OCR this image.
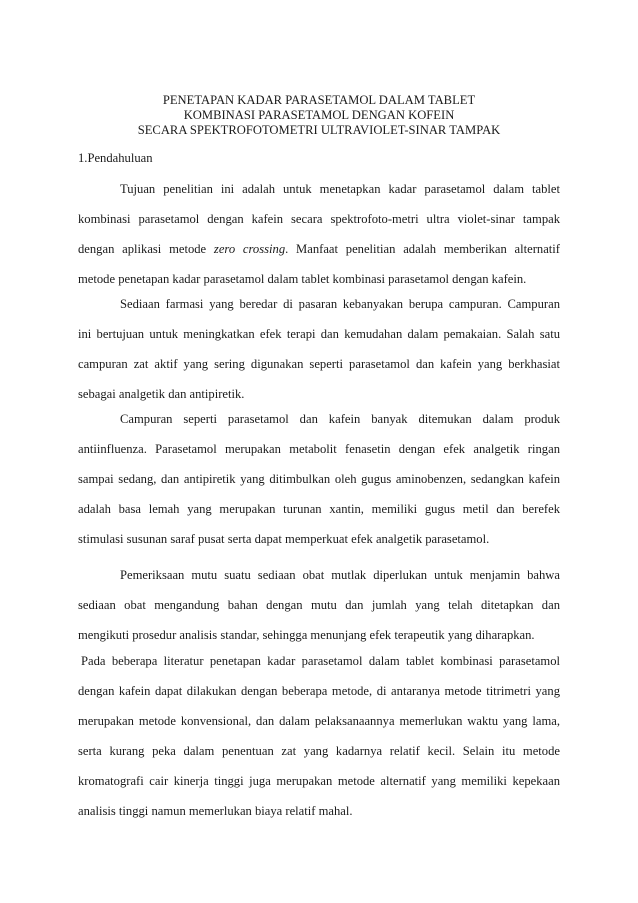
PENETAPAN KADAR PARASETAMOL DALAM TABLET
KOMBINASI PARASETAMOL DENGAN KOFEIN
SECARA SPEKTROFOTOMETRI ULTRAVIOLET-SINAR TAMPAK
1.Pendahuluan
Tujuan penelitian ini adalah untuk menetapkan kadar parasetamol dalam tablet
kombinasi parasetamol dengan kafein secara spektrofoto-metri ultra violet-sinar tampak
dengan aplikasi metode zero crossing. Manfaat penelitian adalah memberikan alternatif
metode penetapan kadar parasetamol dalam tablet kombinasi parasetamol dengan kafein.
Sediaan farmasi yang beredar di pasaran kebanyakan berupa campuran. Campuran
ini bertujuan untuk meningkatkan efek terapi dan kemudahan dalam pemakaian. Salah satu
campuran zat aktif yang sering digunakan seperti parasetamol dan kafein yang berkhasiat
sebagai analgetik dan antipiretik.
Campuran seperti parasetamol dan kafein banyak ditemukan dalam produk
antiinfluenza. Parasetamol merupakan metabolit fenasetin dengan efek analgetik ringan
sampai sedang, dan antipiretik yang ditimbulkan oleh gugus aminobenzen, sedangkan kafein
adalah basa lemah yang merupakan turunan xantin, memiliki gugus metil dan berefek
stimulasi susunan saraf pusat serta dapat memperkuat efek analgetik parasetamol.
Pemeriksaan mutu suatu sediaan obat mutlak diperlukan untuk menjamin bahwa
sediaan obat mengandung bahan dengan mutu dan jumlah yang telah ditetapkan dan
mengikuti prosedur analisis standar, sehingga menunjang efek terapeutik yang diharapkan.
Pada beberapa literatur penetapan kadar parasetamol dalam tablet kombinasi parasetamol
dengan kafein dapat dilakukan dengan beberapa metode, di antaranya metode titrimetri yang
merupakan metode konvensional, dan dalam pelaksanaannya memerlukan waktu yang lama,
serta kurang peka dalam penentuan zat yang kadarnya relatif kecil. Selain itu metode
kromatografi cair kinerja tinggi juga merupakan metode alternatif yang memiliki kepekaan
analisis tinggi namun memerlukan biaya relatif mahal.
